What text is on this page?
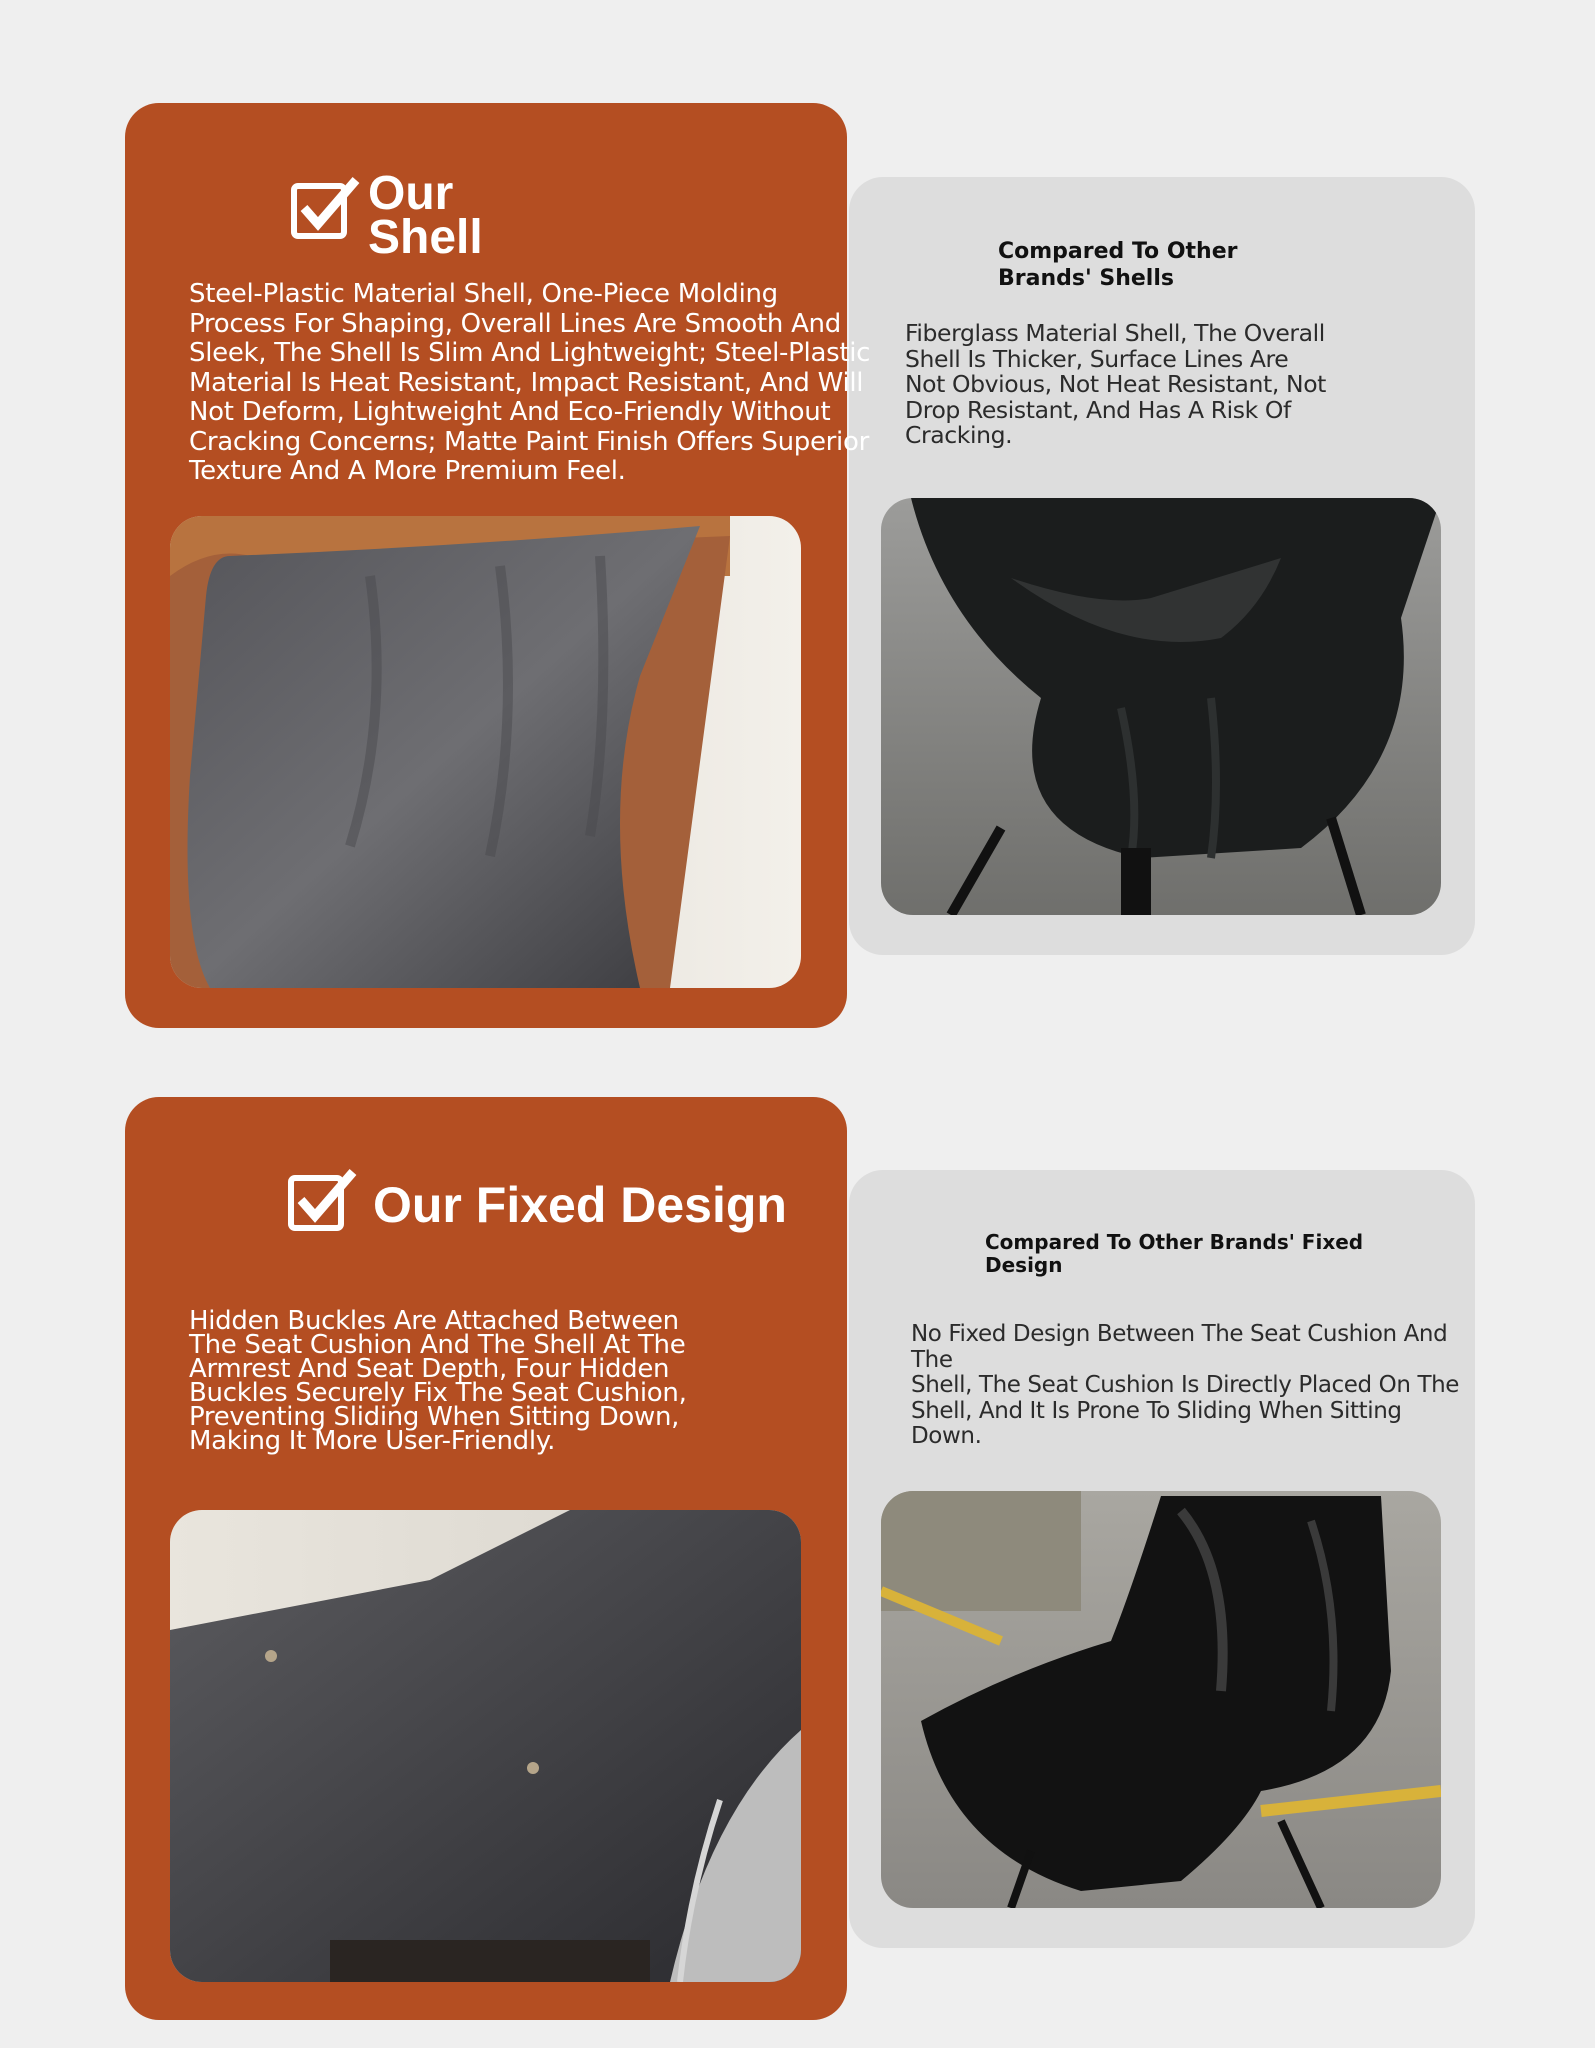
Our
Shell
Steel-Plastic Material Shell, One-Piece Molding
Process For Shaping, Overall Lines Are Smooth And
Sleek, The Shell Is Slim And Lightweight; Steel-Plastic
Material Is Heat Resistant, Impact Resistant, And Will
Not Deform, Lightweight And Eco-Friendly Without
Cracking Concerns; Matte Paint Finish Offers Superior
Texture And A More Premium Feel.
Compared To Other
Brands' Shells
Fiberglass Material Shell, The Overall
Shell Is Thicker, Surface Lines Are
Not Obvious, Not Heat Resistant, Not
Drop Resistant, And Has A Risk Of
Cracking.
Our Fixed Design
Hidden Buckles Are Attached Between
The Seat Cushion And The Shell At The
Armrest And Seat Depth, Four Hidden
Buckles Securely Fix The Seat Cushion,
Preventing Sliding When Sitting Down,
Making It More User-Friendly.
Compared To Other Brands' Fixed
Design
No Fixed Design Between The Seat Cushion And The
Shell, The Seat Cushion Is Directly Placed On The
Shell, And It Is Prone To Sliding When Sitting Down.
